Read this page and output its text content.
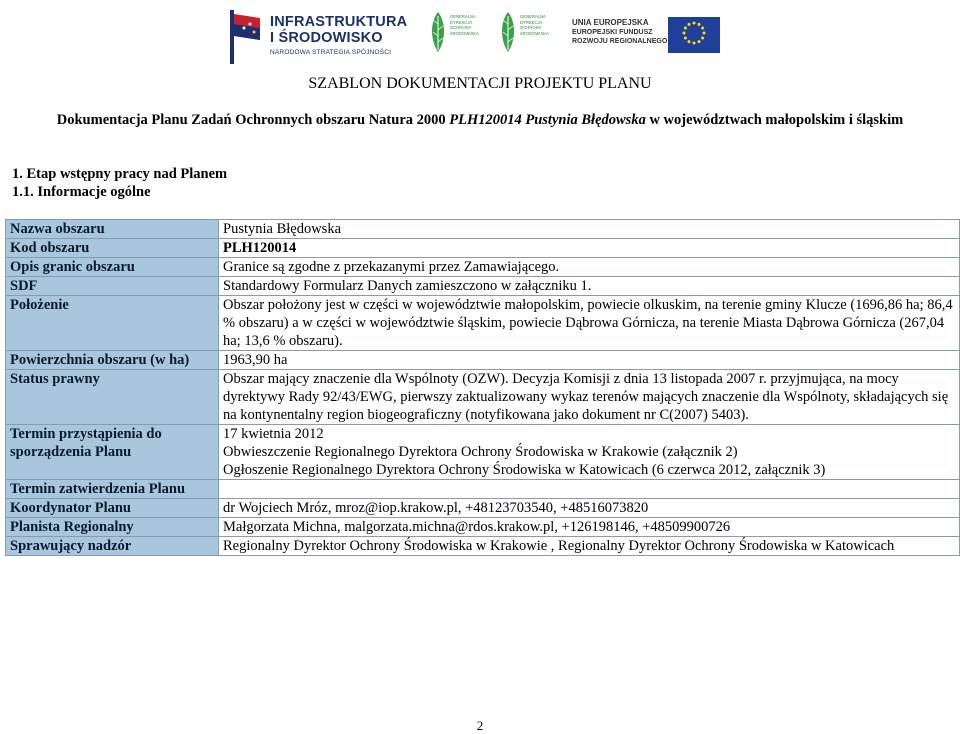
INFRASTRUKTURA
I ŚRODOWISKO
NARODOWA STRATEGIA SPÓJNOŚCI
GENERALNA DYREKCJA OCHRONY ŚRODOWISKA
GENERALNA DYREKCJA OCHRONY ŚRODOWISKA
UNIA EUROPEJSKA
EUROPEJSKI FUNDUSZ
ROZWOJU REGIONALNEGO
SZABLON DOKUMENTACJI PROJEKTU PLANU
Dokumentacja Planu Zadań Ochronnych obszaru Natura 2000 PLH120014 Pustynia Błędowska w województwach małopolskim i śląskim
1. Etap wstępny pracy nad Planem
1.1. Informacje ogólne
Nazwa obszaru	Pustynia Błędowska
Kod obszaru	PLH120014
Opis granic obszaru	Granice są zgodne z przekazanymi przez Zamawiającego.
SDF	Standardowy Formularz Danych zamieszczono w załączniku 1.
Położenie	Obszar położony jest w części w województwie małopolskim, powiecie olkuskim, na terenie gminy Klucze (1696,86 ha; 86,4 % obszaru) a w części w województwie śląskim, powiecie Dąbrowa Górnicza, na terenie Miasta Dąbrowa Górnicza (267,04 ha; 13,6 % obszaru).
Powierzchnia obszaru (w ha)	1963,90 ha
Status prawny	Obszar mający znaczenie dla Wspólnoty (OZW). Decyzja Komisji z dnia 13 listopada 2007 r. przyjmująca, na mocy dyrektywy Rady 92/43/EWG, pierwszy zaktualizowany wykaz terenów mających znaczenie dla Wspólnoty, składających się na kontynentalny region biogeograficzny (notyfikowana jako dokument nr C(2007) 5403).
Termin przystąpienia do sporządzenia Planu	17 kwietnia 2012
Obwieszczenie Regionalnego Dyrektora Ochrony Środowiska w Krakowie (załącznik 2)
Ogłoszenie Regionalnego Dyrektora Ochrony Środowiska w Katowicach (6 czerwca 2012, załącznik 3)

Termin zatwierdzenia Planu	
Koordynator Planu	dr Wojciech Mróz, mroz@iop.krakow.pl, +48123703540, +48516073820
Planista Regionalny	Małgorzata Michna, malgorzata.michna@rdos.krakow.pl, +126198146, +48509900726
Sprawujący nadzór	Regionalny Dyrektor Ochrony Środowiska w Krakowie , Regionalny Dyrektor Ochrony Środowiska w Katowicach
2
